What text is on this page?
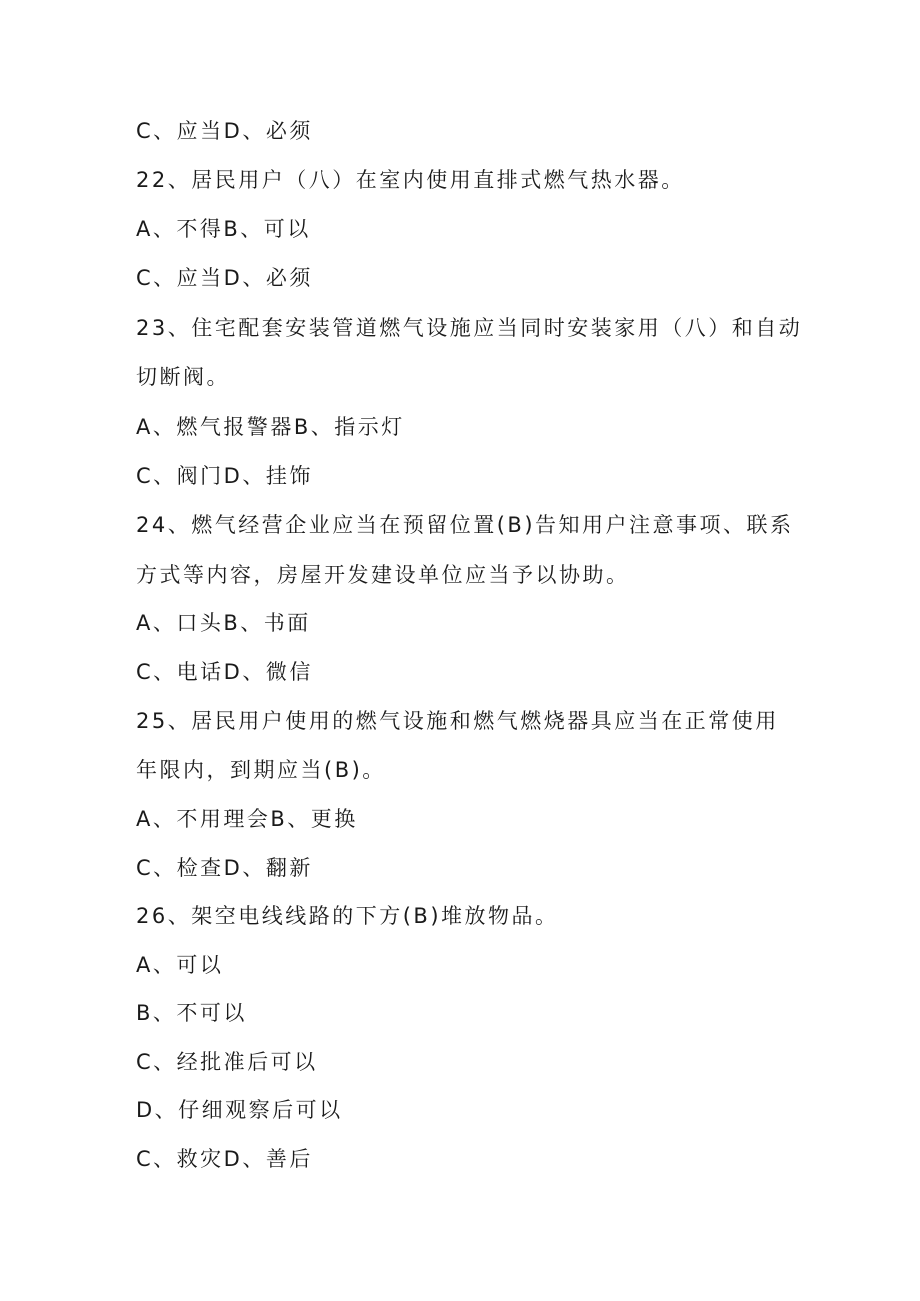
C、应当D、必须
22、居民用户（八）在室内使用直排式燃气热水器。
A、不得B、可以
C、应当D、必须
23、住宅配套安装管道燃气设施应当同时安装家用（八）和自动
切断阀。
A、燃气报警器B、指示灯
C、阀门D、挂饰
24、燃气经营企业应当在预留位置(B)告知用户注意事项、联系
方式等内容，房屋开发建设单位应当予以协助。
A、口头B、书面
C、电话D、微信
25、居民用户使用的燃气设施和燃气燃烧器具应当在正常使用
年限内，到期应当(B)。
A、不用理会B、更换
C、检查D、翻新
26、架空电线线路的下方(B)堆放物品。
A、可以
B、不可以
C、经批准后可以
D、仔细观察后可以
C、救灾D、善后
